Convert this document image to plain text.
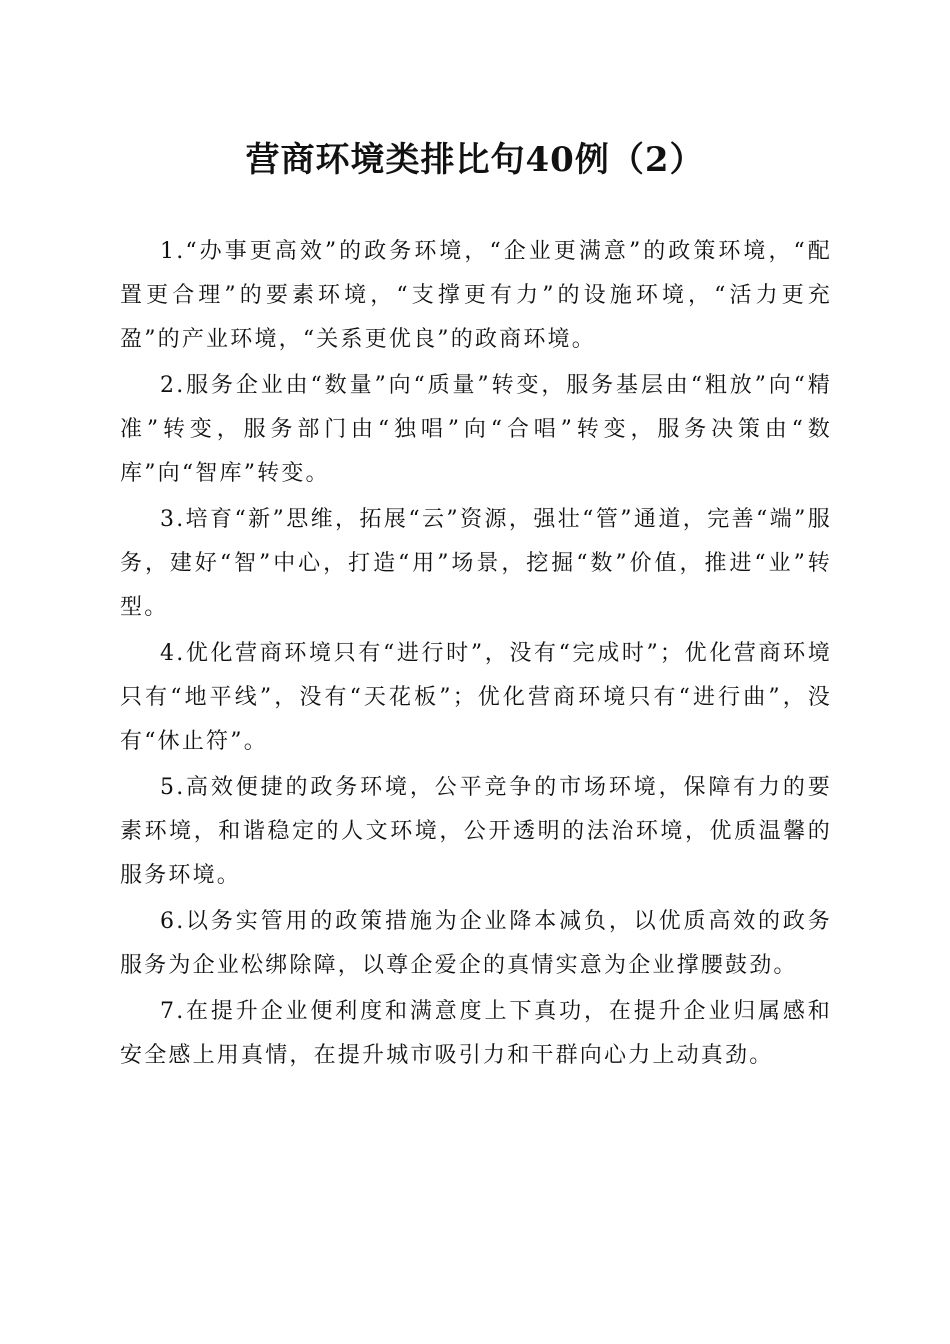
营商环境类排比句40例（2）

1.“办事更高效”的政务环境，“企业更满意”的政策环境，“配置更合理”的要素环境，“支撑更有力”的设施环境，“活力更充盈”的产业环境，“关系更优良”的政商环境。

2.服务企业由“数量”向“质量”转变，服务基层由“粗放”向“精准”转变，服务部门由“独唱”向“合唱”转变，服务决策由“数库”向“智库”转变。

3.培育“新”思维，拓展“云”资源，强壮“管”通道，完善“端”服务，建好“智”中心，打造“用”场景，挖掘“数”价值，推进“业”转型。

4.优化营商环境只有“进行时”，没有“完成时”；优化营商环境只有“地平线”，没有“天花板”；优化营商环境只有“进行曲”，没有“休止符”。

5.高效便捷的政务环境，公平竞争的市场环境，保障有力的要素环境，和谐稳定的人文环境，公开透明的法治环境，优质温馨的服务环境。

6.以务实管用的政策措施为企业降本减负，以优质高效的政务服务为企业松绑除障，以尊企爱企的真情实意为企业撑腰鼓劲。

7.在提升企业便利度和满意度上下真功，在提升企业归属感和安全感上用真情，在提升城市吸引力和干群向心力上动真劲。
